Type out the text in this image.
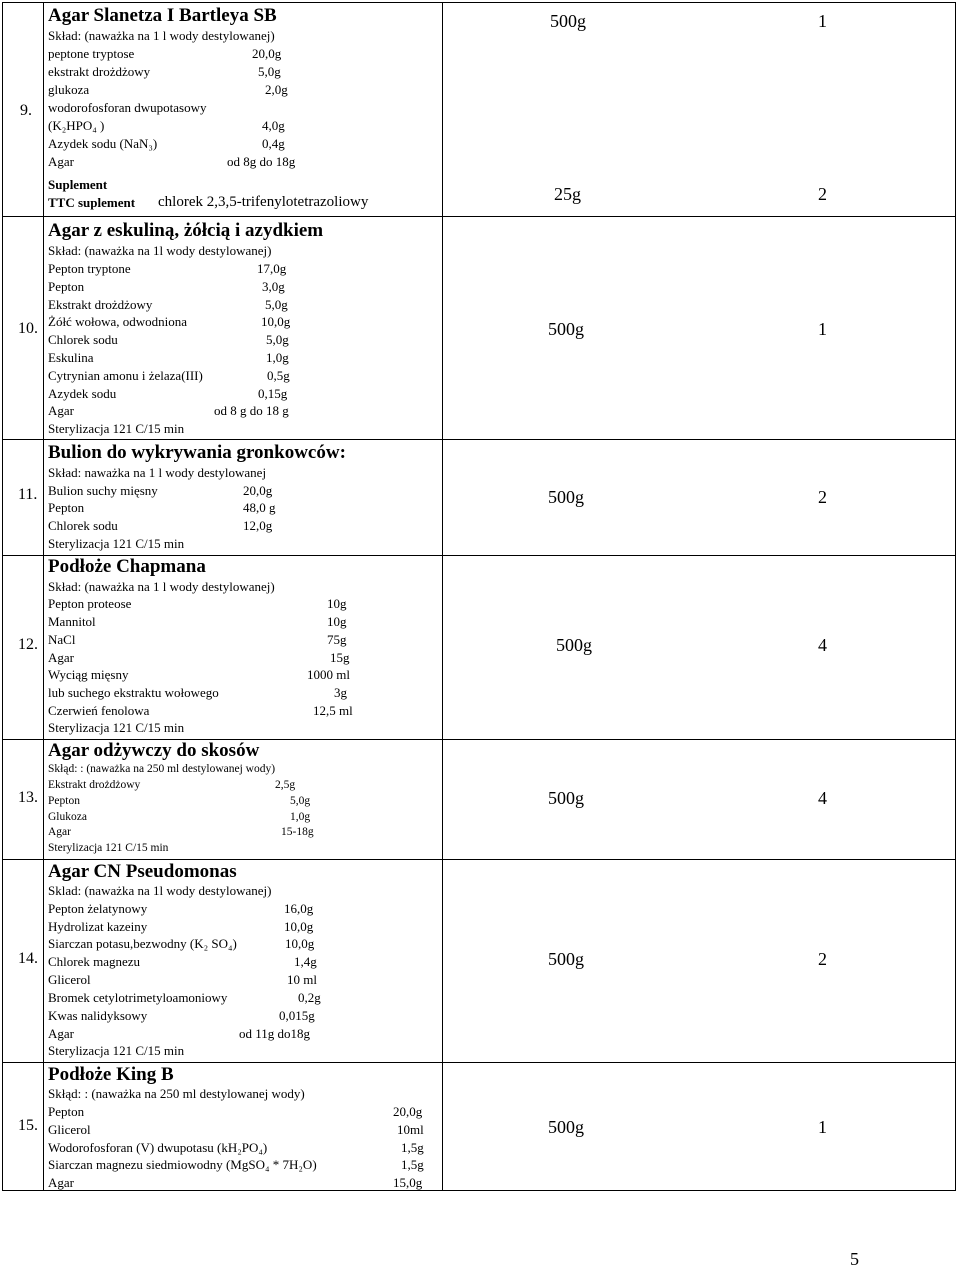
9.
Agar Slanetza I Bartleya SB
Skład: (naważka na 1 l wody destylowanej)
peptone tryptose	20,0g
ekstrakt drożdżowy	5,0g
glukoza	2,0g
wodorofosforan dwupotasowy
(K₂HPO₄ )	4,0g
Azydek sodu (NaN₃)	0,4g
Agar	od 8g do 18g
Suplement
TTC suplement chlorek 2,3,5-trifenylotetrazoliowy
500g	1
25g	2
10.
Agar z eskuliną, żółcią i azydkiem
Skład: (naważka na 1l wody destylowanej)
Pepton tryptone	17,0g
Pepton	3,0g
Ekstrakt drożdżowy	5,0g
Żółć wołowa, odwodniona	10,0g
Chlorek sodu	5,0g
Eskulina	1,0g
Cytrynian amonu i żelaza(III)	0,5g
Azydek sodu	0,15g
Agar	od 8 g do 18 g
Sterylizacja 121 C/15 min
500g	1
11.
Bulion do wykrywania gronkowców:
Skład: naważka na 1 l wody destylowanej
Bulion suchy mięsny	20,0g
Pepton	48,0 g
Chlorek sodu	12,0g
Sterylizacja 121 C/15 min
500g	2
12.
Podłoże Chapmana
Skład: (naważka na 1 l wody destylowanej)
Pepton proteose	10g
Mannitol	10g
NaCl	75g
Agar	15g
Wyciąg mięsny	1000 ml
lub suchego ekstraktu wołowego	3g
Czerwień fenolowa	12,5 ml
Sterylizacja 121 C/15 min
500g	4
13.
Agar odżywczy do skosów
Skłąd: : (naważka na 250 ml destylowanej wody)
Ekstrakt drożdżowy	2,5g
Pepton	5,0g
Glukoza	1,0g
Agar	15-18g
Sterylizacja 121 C/15 min
500g	4
14.
Agar CN Pseudomonas
Sklad: (naważka na 1l wody destylowanej)
Pepton żelatynowy	16,0g
Hydrolizat kazeiny	10,0g
Siarczan potasu,bezwodny (K₂ SO₄)	10,0g
Chlorek magnezu	1,4g
Glicerol	10 ml
Bromek cetylotrimetyloamoniowy	0,2g
Kwas nalidyksowy	0,015g
Agar	od 11g do18g
Sterylizacja 121 C/15 min
500g	2
15.
Podłoże King B
Skłąd: : (naważka na 250 ml destylowanej wody)
Pepton	20,0g
Glicerol	10ml
Wodorofosforan (V) dwupotasu (kH₂PO₄)	1,5g
Siarczan magnezu siedmiowodny (MgSO₄ * 7H₂O)	1,5g
Agar	15,0g
500g	1
5
